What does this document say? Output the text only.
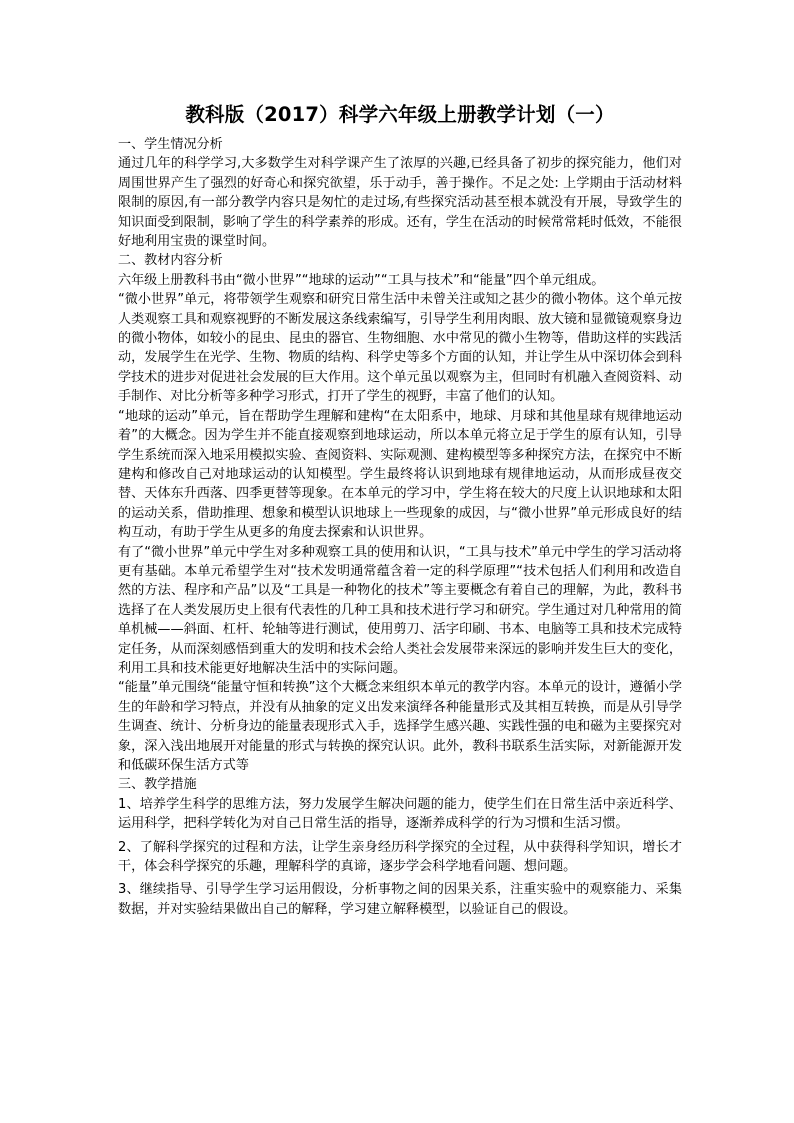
教科版（2017）科学六年级上册教学计划（一）

一、学生情况分析

通过几年的科学学习,大多数学生对科学课产生了浓厚的兴趣,已经具备了初步的探究能力，他们对周围世界产生了强烈的好奇心和探究欲望，乐于动手，善于操作。不足之处: 上学期由于活动材料限制的原因,有一部分教学内容只是匆忙的走过场,有些探究活动甚至根本就没有开展，导致学生的知识面受到限制，影响了学生的科学素养的形成。还有，学生在活动的时候常常耗时低效，不能很好地利用宝贵的课堂时间。

二、教材内容分析

六年级上册教科书由“微小世界”“地球的运动”“工具与技术”和“能量”四个单元组成。

“微小世界”单元，将带领学生观察和研究日常生活中未曾关注或知之甚少的微小物体。这个单元按人类观察工具和观察视野的不断发展这条线索编写，引导学生利用肉眼、放大镜和显微镜观察身边的微小物体，如较小的昆虫、昆虫的器官、生物细胞、水中常见的微小生物等，借助这样的实践活动，发展学生在光学、生物、物质的结构、科学史等多个方面的认知，并让学生从中深切体会到科学技术的进步对促进社会发展的巨大作用。这个单元虽以观察为主，但同时有机融入查阅资料、动手制作、对比分析等多种学习形式，打开了学生的视野，丰富了他们的认知。

“地球的运动”单元，旨在帮助学生理解和建构“在太阳系中，地球、月球和其他星球有规律地运动着”的大概念。因为学生并不能直接观察到地球运动，所以本单元将立足于学生的原有认知，引导学生系统而深入地采用模拟实验、查阅资料、实际观测、建构模型等多种探究方法，在探究中不断建构和修改自己对地球运动的认知模型。学生最终将认识到地球有规律地运动，从而形成昼夜交替、天体东升西落、四季更替等现象。在本单元的学习中，学生将在较大的尺度上认识地球和太阳的运动关系，借助推理、想象和模型认识地球上一些现象的成因，与“微小世界”单元形成良好的结构互动，有助于学生从更多的角度去探索和认识世界。

有了“微小世界”单元中学生对多种观察工具的使用和认识，“工具与技术”单元中学生的学习活动将更有基础。本单元希望学生对“技术发明通常蕴含着一定的科学原理”“技术包括人们利用和改造自然的方法、程序和产品”以及“工具是一种物化的技术”等主要概念有着自己的理解，为此，教科书选择了在人类发展历史上很有代表性的几种工具和技术进行学习和研究。学生通过对几种常用的简单机械——斜面、杠杆、轮轴等进行测试，使用剪刀、活字印刷、书本、电脑等工具和技术完成特定任务，从而深刻感悟到重大的发明和技术会给人类社会发展带来深远的影响并发生巨大的变化，利用工具和技术能更好地解决生活中的实际问题。

“能量”单元围绕“能量守恒和转换”这个大概念来组织本单元的教学内容。本单元的设计，遵循小学生的年龄和学习特点，并没有从抽象的定义出发来演绎各种能量形式及其相互转换，而是从引导学生调查、统计、分析身边的能量表现形式入手，选择学生感兴趣、实践性强的电和磁为主要探究对象，深入浅出地展开对能量的形式与转换的探究认识。此外，教科书联系生活实际，对新能源开发和低碳环保生活方式等

三、教学措施

1、培养学生科学的思维方法，努力发展学生解决问题的能力，使学生们在日常生活中亲近科学、运用科学，把科学转化为对自己日常生活的指导，逐渐养成科学的行为习惯和生活习惯。

2、了解科学探究的过程和方法，让学生亲身经历科学探究的全过程，从中获得科学知识，增长才干，体会科学探究的乐趣，理解科学的真谛，逐步学会科学地看问题、想问题。

3、继续指导、引导学生学习运用假设，分析事物之间的因果关系，注重实验中的观察能力、采集数据，并对实验结果做出自己的解释，学习建立解释模型，以验证自己的假设。
